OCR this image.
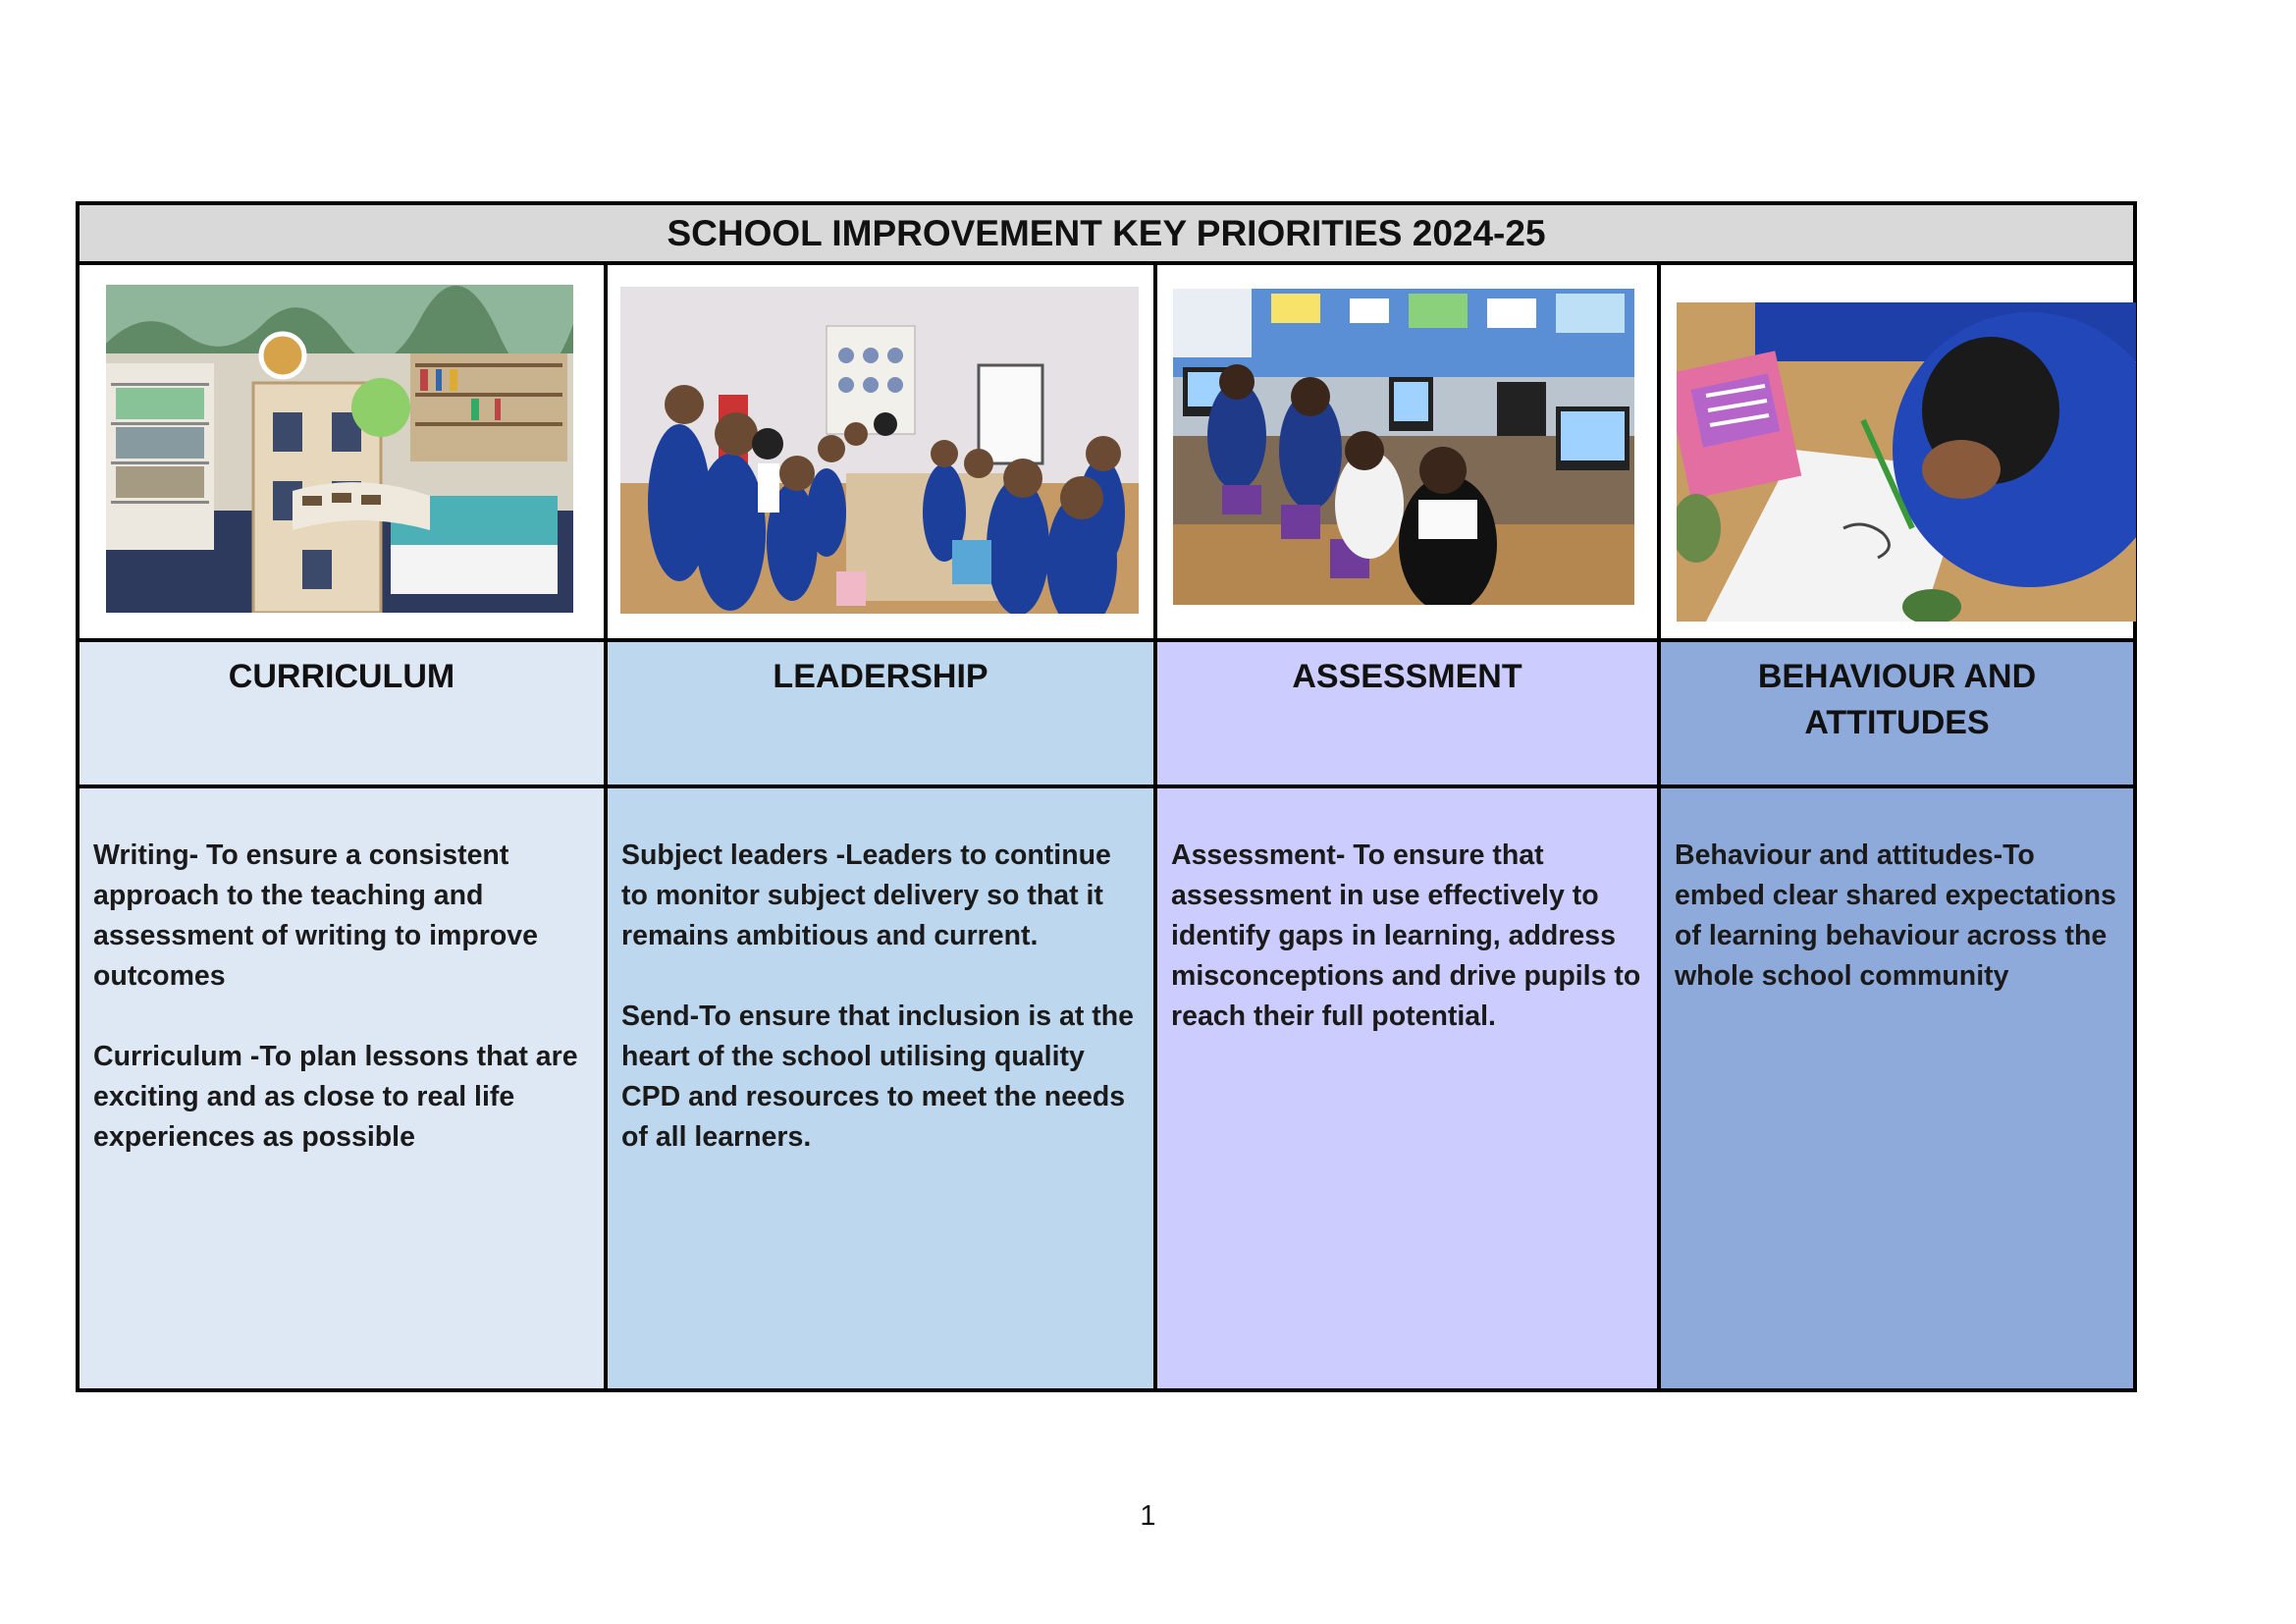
SCHOOL IMPROVEMENT KEY PRIORITIES 2024-25
CURRICULUM

Writing- To ensure a consistent approach to the teaching and assessment of writing to improve outcomes

Curriculum -To plan lessons that are exciting and as close to real life experiences as possible

LEADERSHIP

Subject leaders -Leaders to continue to monitor subject delivery so that it remains ambitious and current.

Send-To ensure that inclusion is at the heart of the school utilising quality CPD and resources to meet the needs of all learners.

ASSESSMENT

Assessment- To ensure that assessment in use effectively to identify gaps in learning, address misconceptions and drive pupils to reach their full potential.

BEHAVIOUR AND ATTITUDES

Behaviour and attitudes-To embed clear shared expectations of learning behaviour across the whole school community

1
